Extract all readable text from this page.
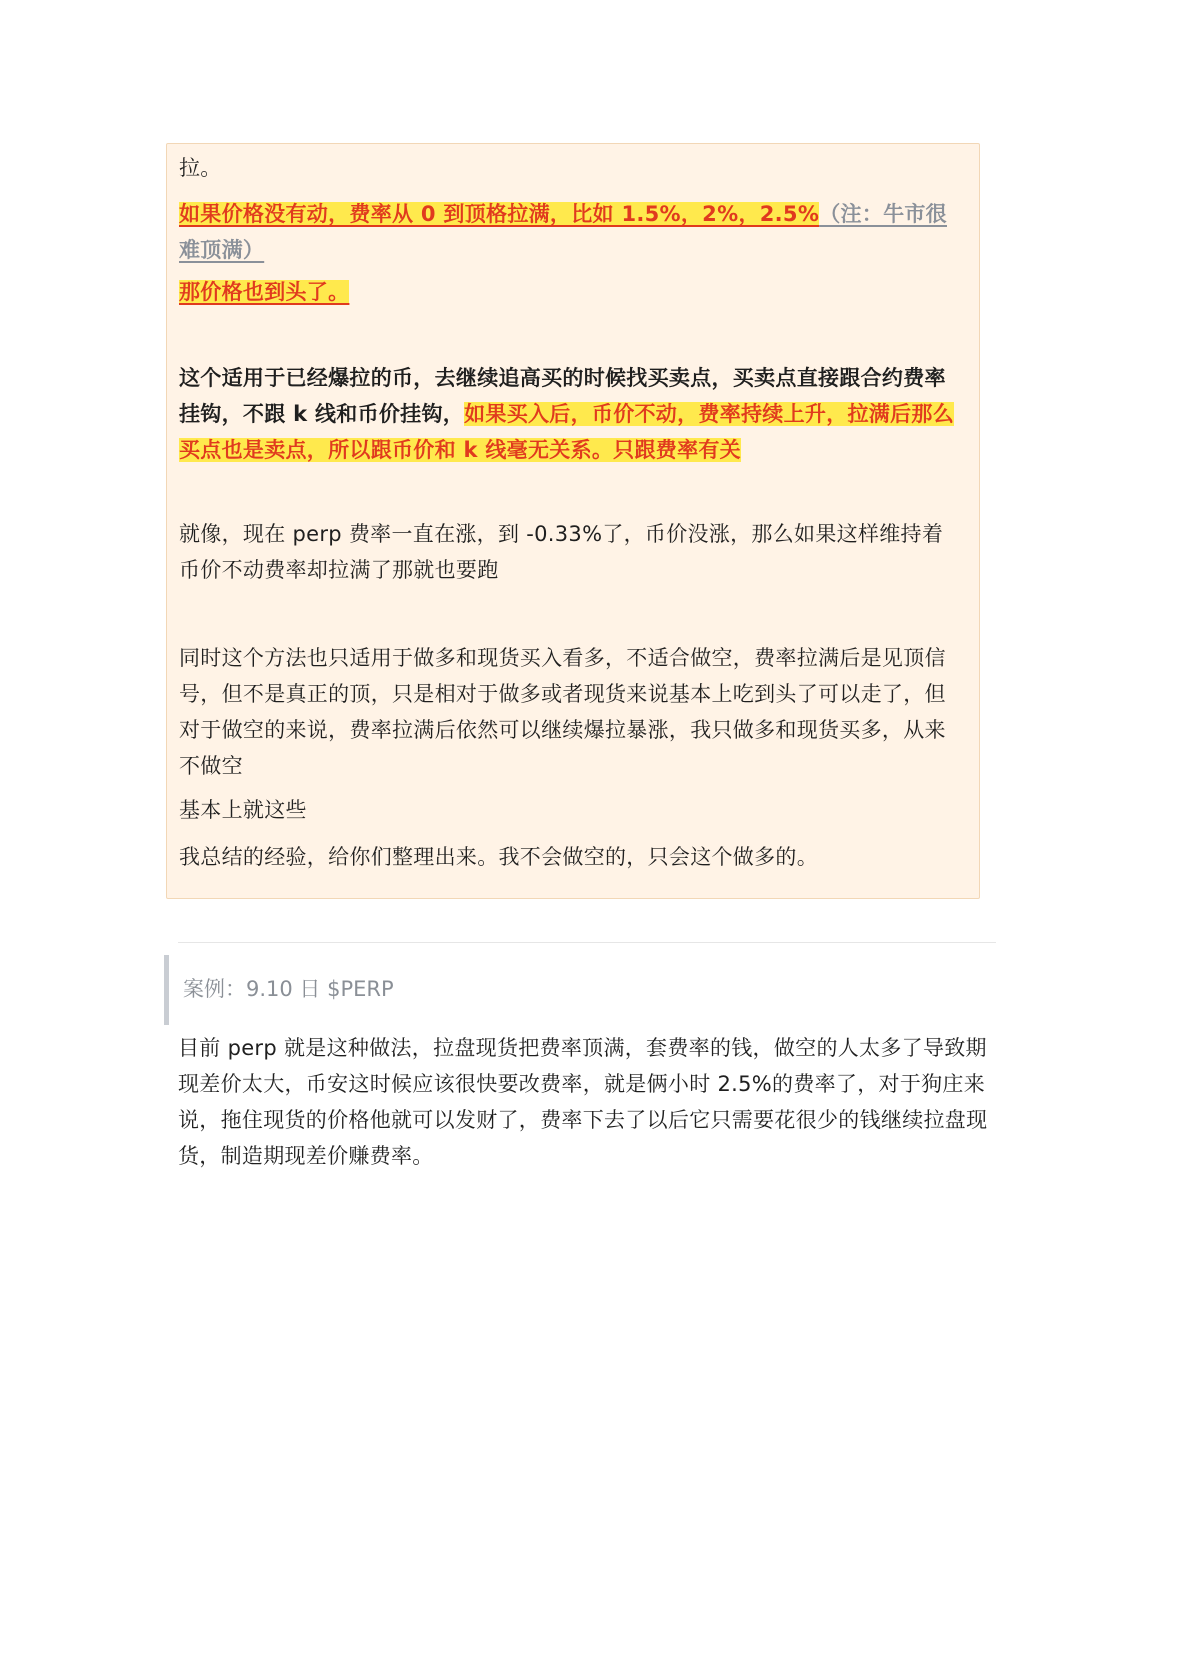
拉。

如果价格没有动，费率从 0 到顶格拉满，比如 1.5%，2%，2.5%（注：牛市很难顶满）

那价格也到头了。

这个适用于已经爆拉的币，去继续追高买的时候找买卖点，买卖点直接跟合约费率挂钩，不跟 k 线和币价挂钩，如果买入后，币价不动，费率持续上升，拉满后那么买点也是卖点，所以跟币价和 k 线毫无关系。只跟费率有关

就像，现在 perp 费率一直在涨，到 -0.33%了，币价没涨，那么如果这样维持着币价不动费率却拉满了那就也要跑

同时这个方法也只适用于做多和现货买入看多，不适合做空，费率拉满后是见顶信号，但不是真正的顶，只是相对于做多或者现货来说基本上吃到头了可以走了，但对于做空的来说，费率拉满后依然可以继续爆拉暴涨，我只做多和现货买多，从来不做空

基本上就这些

我总结的经验，给你们整理出来。我不会做空的，只会这个做多的。

案例：9.10 日 $PERP

目前 perp 就是这种做法，拉盘现货把费率顶满，套费率的钱，做空的人太多了导致期现差价太大，币安这时候应该很快要改费率，就是俩小时 2.5%的费率了，对于狗庄来说，拖住现货的价格他就可以发财了，费率下去了以后它只需要花很少的钱继续拉盘现货，制造期现差价赚费率。
